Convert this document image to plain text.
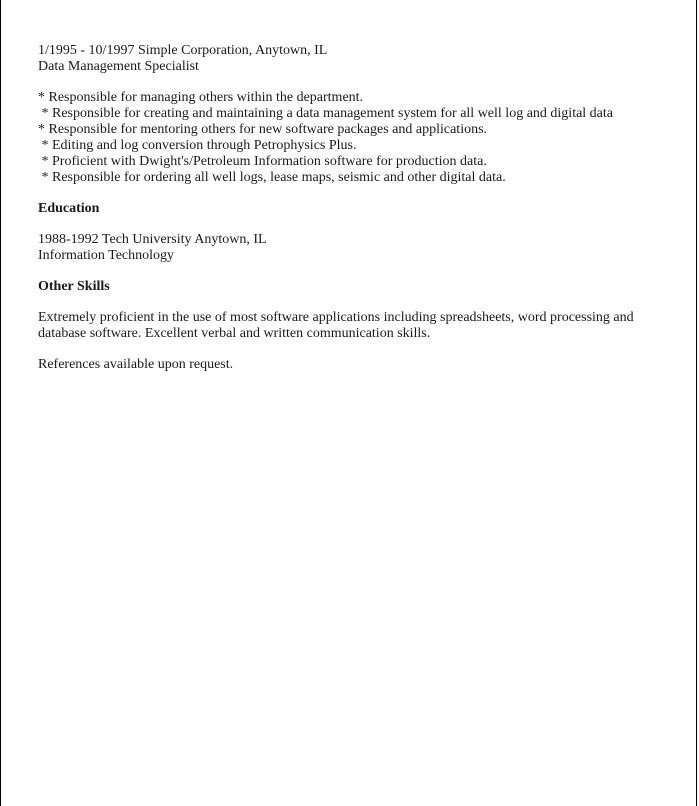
1/1995 - 10/1997 Simple Corporation, Anytown, IL
Data Management Specialist
* Responsible for managing others within the department.
* Responsible for creating and maintaining a data management system for all well log and digital data
* Responsible for mentoring others for new software packages and applications.
* Editing and log conversion through Petrophysics Plus.
* Proficient with Dwight's/Petroleum Information software for production data.
* Responsible for ordering all well logs, lease maps, seismic and other digital data.
Education
1988-1992 Tech University Anytown, IL
Information Technology
Other Skills
Extremely proficient in the use of most software applications including spreadsheets, word processing and database software. Excellent verbal and written communication skills.
References available upon request.
